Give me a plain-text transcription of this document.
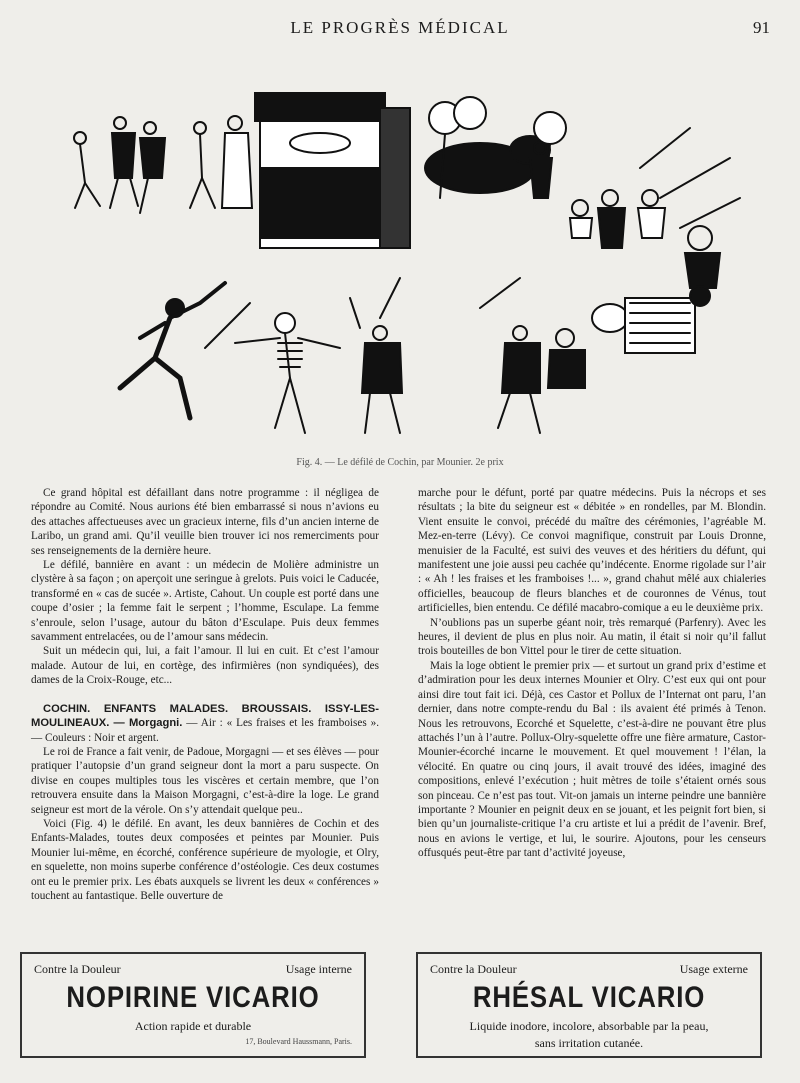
LE PROGRÈS MÉDICAL	91
Fig. 4. — Le défilé de Cochin, par Mounier. 2e prix

Ce grand hôpital est défaillant dans notre programme : il négligea de répondre au Comité. Nous aurions été bien embarrassé si nous n’avions eu des attaches affectueuses avec un gracieux interne, fils d’un ancien interne de Laribo, un grand ami. Qu’il veuille bien trouver ici nos remerciments pour ses renseignements de la dernière heure.

Le défilé, bannière en avant : un médecin de Molière administre un clystère à sa façon ; on aperçoit une seringue à grelots. Puis voici le Caducée, transformé en « cas de sucée ». Artiste, Cahout. Un couple est porté dans une coupe d’osier ; la femme fait le serpent ; l’homme, Esculape. La femme s’enroule, selon l’usage, autour du bâton d’Esculape. Puis deux femmes savamment entrelacées, ou de l’amour sans médecin.

Suit un médecin qui, lui, a fait l’amour. Il lui en cuit. Et c’est l’amour malade. Autour de lui, en cortège, des infirmières (non syndiquées), des dames de la Croix-Rouge, etc...

COCHIN. ENFANTS MALADES. BROUSSAIS. ISSY-LES-MOULINEAUX. — Morgagni. — Air : « Les fraises et les framboises ». — Couleurs : Noir et argent.

Le roi de France a fait venir, de Padoue, Morgagni — et ses élèves — pour pratiquer l’autopsie d’un grand seigneur dont la mort a paru suspecte. On divise en coupes multiples tous les viscères et certain membre, que l’on retrouvera ensuite dans la Maison Morgagni, c’est-à-dire la loge. Le grand seigneur est mort de la vérole. On s’y attendait quelque peu..

Voici (Fig. 4) le défilé. En avant, les deux bannières de Cochin et des Enfants-Malades, toutes deux composées et peintes par Mounier. Puis Mounier lui-même, en écorché, conférence supérieure de myologie, et Olry, en squelette, non moins superbe conférence d’ostéologie. Ces deux costumes ont eu le premier prix. Les ébats auxquels se livrent les deux « conférences » touchent au fantastique. Belle ouverture de

marche pour le défunt, porté par quatre médecins. Puis la nécrops et ses résultats ; la bite du seigneur est « débitée » en rondelles, par M. Blondin. Vient ensuite le convoi, précédé du maître des cérémonies, l’agréable M. Mez-en-terre (Lévy). Ce convoi magnifique, construit par Louis Dronne, menuisier de la Faculté, est suivi des veuves et des héritiers du défunt, qui manifestent une joie aussi peu cachée qu’indécente. Enorme rigolade sur l’air : « Ah ! les fraises et les framboises !... », grand chahut mêlé aux chialeries officielles, beaucoup de fleurs blanches et de couronnes de Vénus, tout artificielles, bien entendu. Ce défilé macabro-comique a eu le deuxième prix.

N’oublions pas un superbe géant noir, très remarqué (Parfenry). Avec les heures, il devient de plus en plus noir. Au matin, il était si noir qu’il fallut trois bouteilles de bon Vittel pour le tirer de cette situation.

Mais la loge obtient le premier prix — et surtout un grand prix d’estime et d’admiration pour les deux internes Mounier et Olry. C’est eux qui ont pour ainsi dire tout fait ici. Déjà, ces Castor et Pollux de l’Internat ont paru, l’an dernier, dans notre compte-rendu du Bal : ils avaient été primés à Tenon. Nous les retrouvons, Ecorché et Squelette, c’est-à-dire ne pouvant être plus attachés l’un à l’autre. Pollux-Olry-squelette offre une fière armature, Castor-Mounier-écorché incarne le mouvement. Et quel mouvement ! l’élan, la vélocité. En quatre ou cinq jours, il avait trouvé des idées, imaginé des compositions, enlevé l’exécution ; huit mètres de toile s’étaient ornés sous son pinceau. Ce n’est pas tout. Vit-on jamais un interne peindre une bannière importante ? Mounier en peignit deux en se jouant, et les peignit fort bien, si bien qu’un journaliste-critique l’a cru artiste et lui a prédit de l’avenir. Bref, nous en avions le vertige, et lui, le sourire. Ajoutons, pour les censeurs offusqués peut-être par tant d’activité joyeuse,

Contre la Douleur	Usage interne
NOPIRINE VICARIO
Action rapide et durable
17, Boulevard Haussmann, Paris.
Contre la Douleur	Usage externe
RHÉSAL VICARIO
Liquide inodore, incolore, absorbable par la peau,
sans irritation cutanée.
